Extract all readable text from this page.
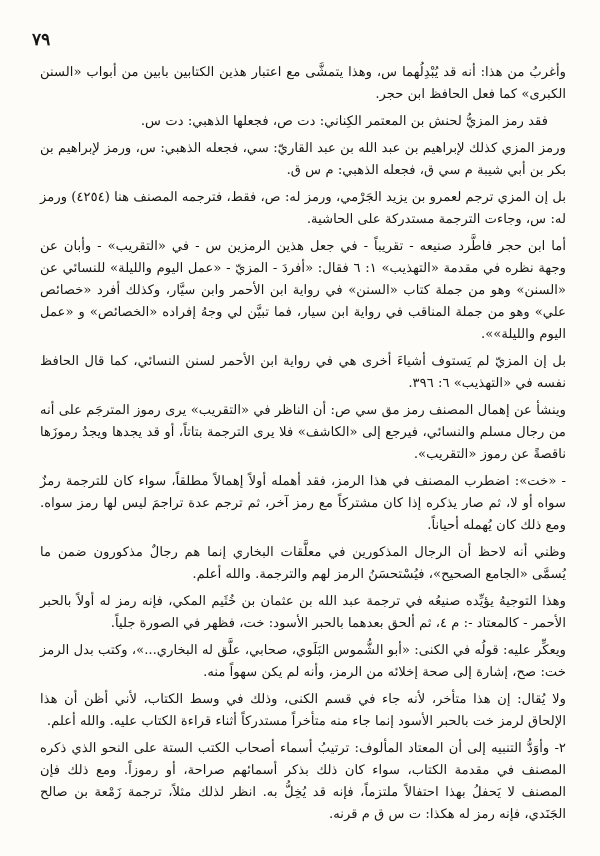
٧٩

وأغربُ من هذا: أنه قد يُبْدِلُهما س، وهذا يتمشَّى مع اعتبار هذين الكتابين بابين من أبواب «السنن الكبرى» كما فعل الحافظ ابن حجر.

فقد رمز المزيُّ لحنش بن المعتمر الكِناني: دت ص، فجعلها الذهبي: دت س.

ورمز المزي كذلك لإبراهيم بن عبد الله بن عبد القاريّ: سي، فجعله الذهبي: س، ورمز لإبراهيم بن بكر بن أبي شيبة م سي ق، فجعله الذهبي: م س ق.

بل إن المزي ترجم لعمرو بن يزيد الجَرْمي، ورمز له: ص، فقط، فترجمه المصنف هنا (٤٢٥٤) ورمز له: س، وجاءت الترجمة مستدركة على الحاشية.

أما ابن حجر فاطَّرد صنيعه - تقريباً - في جعل هذين الرمزين س - في «التقريب» - وأبان عن وجهة نظره في مقدمة «التهذيب» ١: ٦ فقال: «أفردَ - المزيّ - «عمل اليوم والليلة» للنسائي عن «السنن» وهو من جملة كتاب «السنن» في رواية ابن الأحمر وابن سيَّار، وكذلك أفرد «خصائص علي» وهو من جملة المناقب في رواية ابن سيار، فما تبيَّن لي وجهُ إفراده «الخصائص» و «عمل اليوم والليلة»».

بل إن المزيّ لم يَستوف أشياءَ أخرى هي في رواية ابن الأحمر لسنن النسائي، كما قال الحافظ نفسه في «التهذيب» ٦: ٣٩٦.

وينشأ عن إهمال المصنف رمز مق سي ص: أن الناظر في «التقريب» يرى رموز المترجَم على أنه من رجال مسلم والنسائي، فيرجع إلى «الكاشف» فلا يرى الترجمة بتاتاً، أو قد يجدها ويجدُ رموزَها ناقصةً عن رموز «التقريب».

- «خت»: اضطرب المصنف في هذا الرمز، فقد أهمله أولاً إهمالاً مطلقاً، سواء كان للترجمة رمزٌ سواه أو لا، ثم صار يذكره إذا كان مشتركاً مع رمز آخر، ثم ترجم عدة تراجمَ ليس لها رمز سواه. ومع ذلك كان يُهمله أحياناً.

وظني أنه لاحظ أن الرجال المذكورين في معلَّقات البخاري إنما هم رجالٌ مذكورون ضمن ما يُسمَّى «الجامع الصحيح»، فيُسْتحسَنُ الرمز لهم والترجمة. والله أعلم.

وهذا التوجيهُ يؤيِّده صنيعُه في ترجمة عبد الله بن عثمان بن خُثَيم المكي، فإنه رمز له أولاً بالحبر الأحمر - كالمعتاد -: م ٤، ثم ألحق بعدهما بالحبر الأسود: خت، فظهر في الصورة جلياً.

ويعكِّر عليه: قولُه في الكنى: «أبو الشُّموس البَلَوي، صحابي، علَّق له البخاري...»، وكتب بدل الرمز خت: صح، إشارة إلى صحة إخلائه من الرمز، وأنه لم يكن سهواً منه.

ولا يُقال: إن هذا متأخر، لأنه جاء في قسم الكنى، وذلك في وسط الكتاب، لأني أظن أن هذا الإلحاق لرمز خت بالحبر الأسود إنما جاء منه متأخراً مستدركاً أثناء قراءة الكتاب عليه. والله أعلم.

٢- وأوَدُّ التنبيه إلى أن المعتاد المألوف: ترتيبُ أسماء أصحاب الكتب الستة على النحو الذي ذكره المصنف في مقدمة الكتاب، سواء كان ذلك بذكر أسمائهم صراحة، أو رموزاً. ومع ذلك فإن المصنف لا يَحفلُ بهذا احتفالاً ملتزماً، فإنه قد يُخِلُّ به. انظر لذلك مثلاً، ترجمة زَمْعة بن صالح الجَنَدي، فإنه رمز له هكذا: ت س ق م قرنه.
